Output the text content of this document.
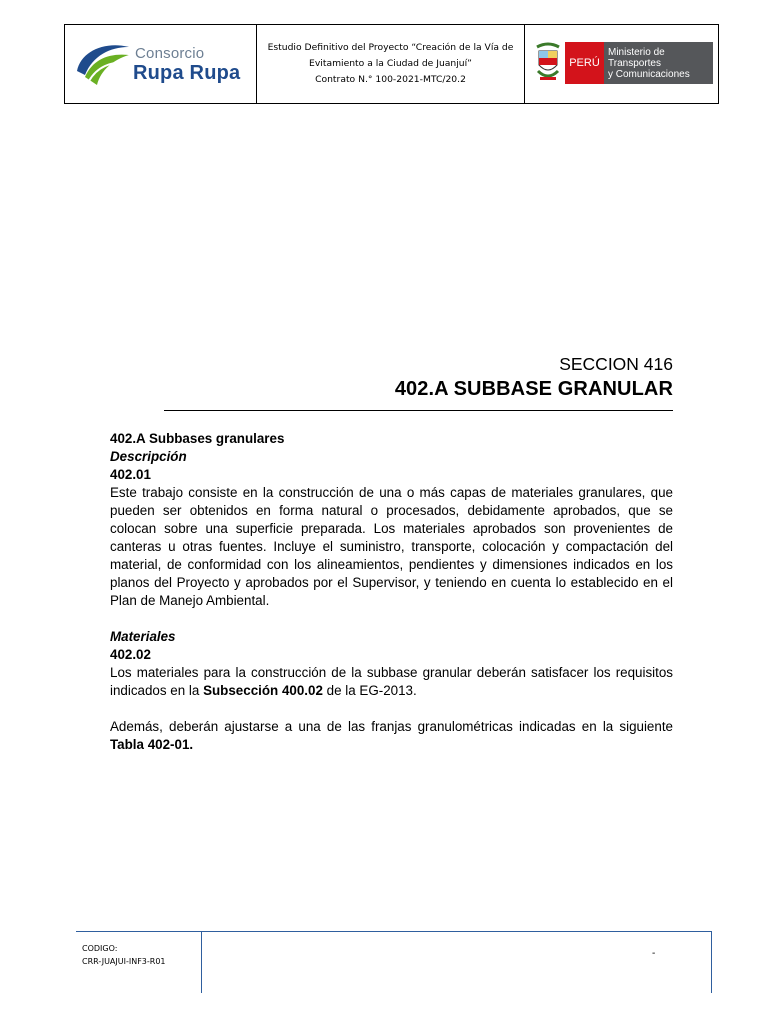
Consorcio
Rupa Rupa
Estudio Definitivo del Proyecto “Creación de la Vía de
Evitamiento a la Ciudad de Juanjuí”
Contrato N.° 100-2021-MTC/20.2
PERÚ
Ministerio de Transportes
y Comunicaciones
SECCION 416
402.A SUBBASE GRANULAR
402.A Subbases granulares
Descripción
402.01

Este trabajo consiste en la construcción de una o más capas de materiales granulares, que pueden ser obtenidos en forma natural o procesados, debidamente aprobados, que se colocan sobre una superficie preparada. Los materiales aprobados son provenientes de canteras u otras fuentes. Incluye el suministro, transporte, colocación y compactación del material, de conformidad con los alineamientos, pendientes y dimensiones indicados en los planos del Proyecto y aprobados por el Supervisor, y teniendo en cuenta lo establecido en el Plan de Manejo Ambiental.

Materiales
402.02

Los materiales para la construcción de la subbase granular deberán satisfacer los requisitos indicados en la Subsección 400.02 de la EG-2013.

Además, deberán ajustarse a una de las franjas granulométricas indicadas en la siguiente Tabla 402-01.

CODIGO:
CRR-JUAJUI-INF3-R01
-
